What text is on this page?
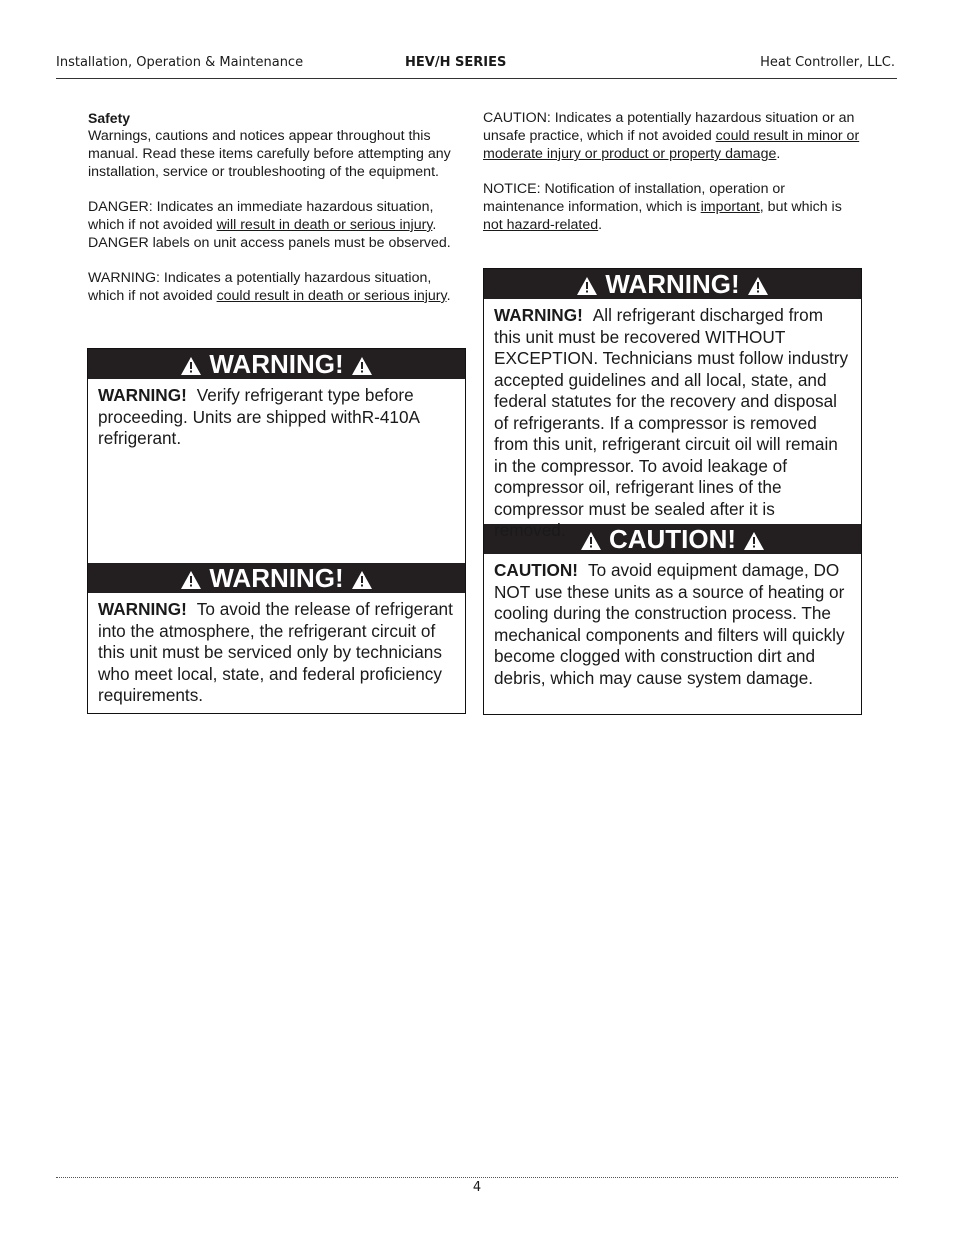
Installation, Operation & Maintenance	HEV/H SERIES	Heat Controller, LLC.
Safety

Warnings, cautions and notices appear throughout this manual. Read these items carefully before attempting any installation, service or troubleshooting of the equipment.

DANGER: Indicates an immediate hazardous situation, which if not avoided will result in death or serious injury. DANGER labels on unit access panels must be observed.

WARNING: Indicates a potentially hazardous situation, which if not avoided could result in death or serious injury.

CAUTION: Indicates a potentially hazardous situation or an unsafe practice, which if not avoided could result in minor or moderate injury or product or property damage.

NOTICE: Notification of installation, operation or maintenance information, which is important, but which is not hazard-related.

WARNING!
WARNING! Verify refrigerant type before proceeding. Units are shipped withR-410A refrigerant.
WARNING!
WARNING! To avoid the release of refrigerant into the atmosphere, the refrigerant circuit of this unit must be serviced only by technicians who meet local, state, and federal proficiency requirements.
WARNING!
WARNING! All refrigerant discharged from this unit must be recovered WITHOUT EXCEPTION. Technicians must follow industry accepted guidelines and all local, state, and federal statutes for the recovery and disposal of refrigerants. If a compressor is removed from this unit, refrigerant circuit oil will remain in the compressor. To avoid leakage of compressor oil, refrigerant lines of the compressor must be sealed after it is removed.	CAUTION!
CAUTION! To avoid equipment damage, DO NOT use these units as a source of heating or cooling during the construction process. The mechanical components and filters will quickly become clogged with construction dirt and debris, which may cause system damage.
4
